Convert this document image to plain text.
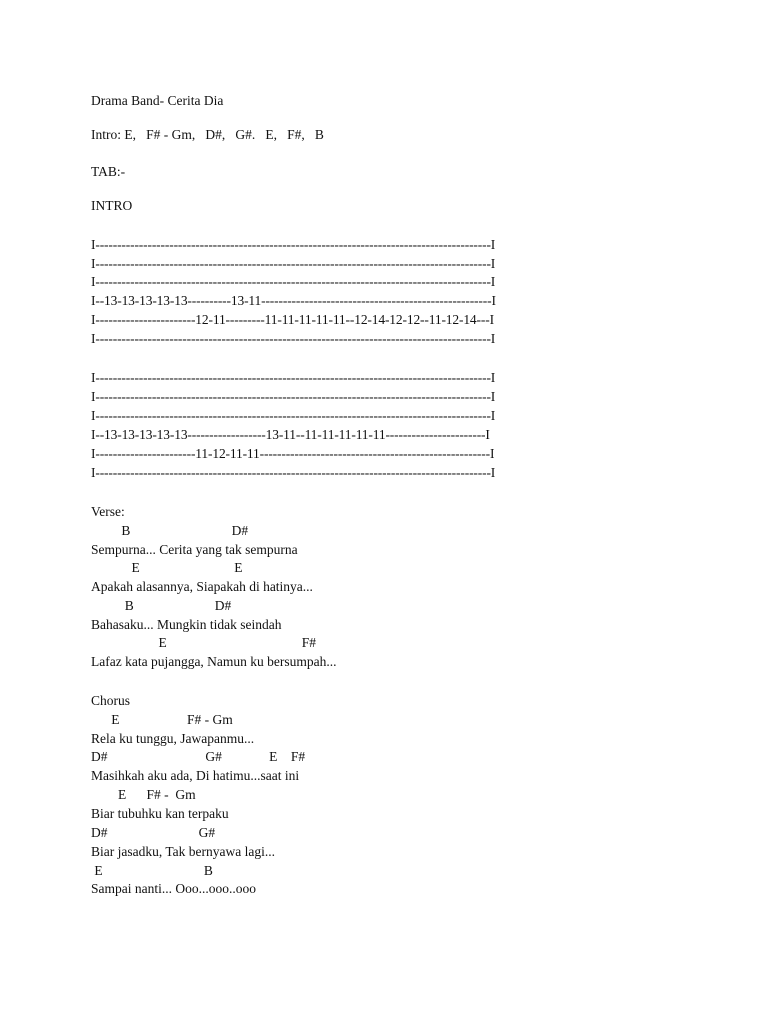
Drama Band- Cerita Dia
Intro: E,   F# - Gm,   D#,   G#.   E,   F#,   B
TAB:-
INTRO
I-------------------------------------------------------------------------------------------I
I-------------------------------------------------------------------------------------------I
I-------------------------------------------------------------------------------------------I
I--13-13-13-13-13----------13-11-----------------------------------------------------I
I-----------------------12-11---------11-11-11-11-11--12-14-12-12--11-12-14---I
I-------------------------------------------------------------------------------------------I
I-------------------------------------------------------------------------------------------I
I-------------------------------------------------------------------------------------------I
I-------------------------------------------------------------------------------------------I
I--13-13-13-13-13------------------13-11--11-11-11-11-11-----------------------I
I-----------------------11-12-11-11-----------------------------------------------------I
I-------------------------------------------------------------------------------------------I
Verse:
B                              D#
Sempurna... Cerita yang tak sempurna
E                            E
Apakah alasannya, Siapakah di hatinya...
B                        D#
Bahasaku... Mungkin tidak seindah
E                                        F#
Lafaz kata pujangga, Namun ku bersumpah...
Chorus
E                    F# - Gm
Rela ku tunggu, Jawapanmu...
D#                             G#              E    F#
Masihkah aku ada, Di hatimu...saat ini
E      F# -  Gm
Biar tubuhku kan terpaku
D#                           G#
Biar jasadku, Tak bernyawa lagi...
E                              B
Sampai nanti... Ooo...ooo..ooo
